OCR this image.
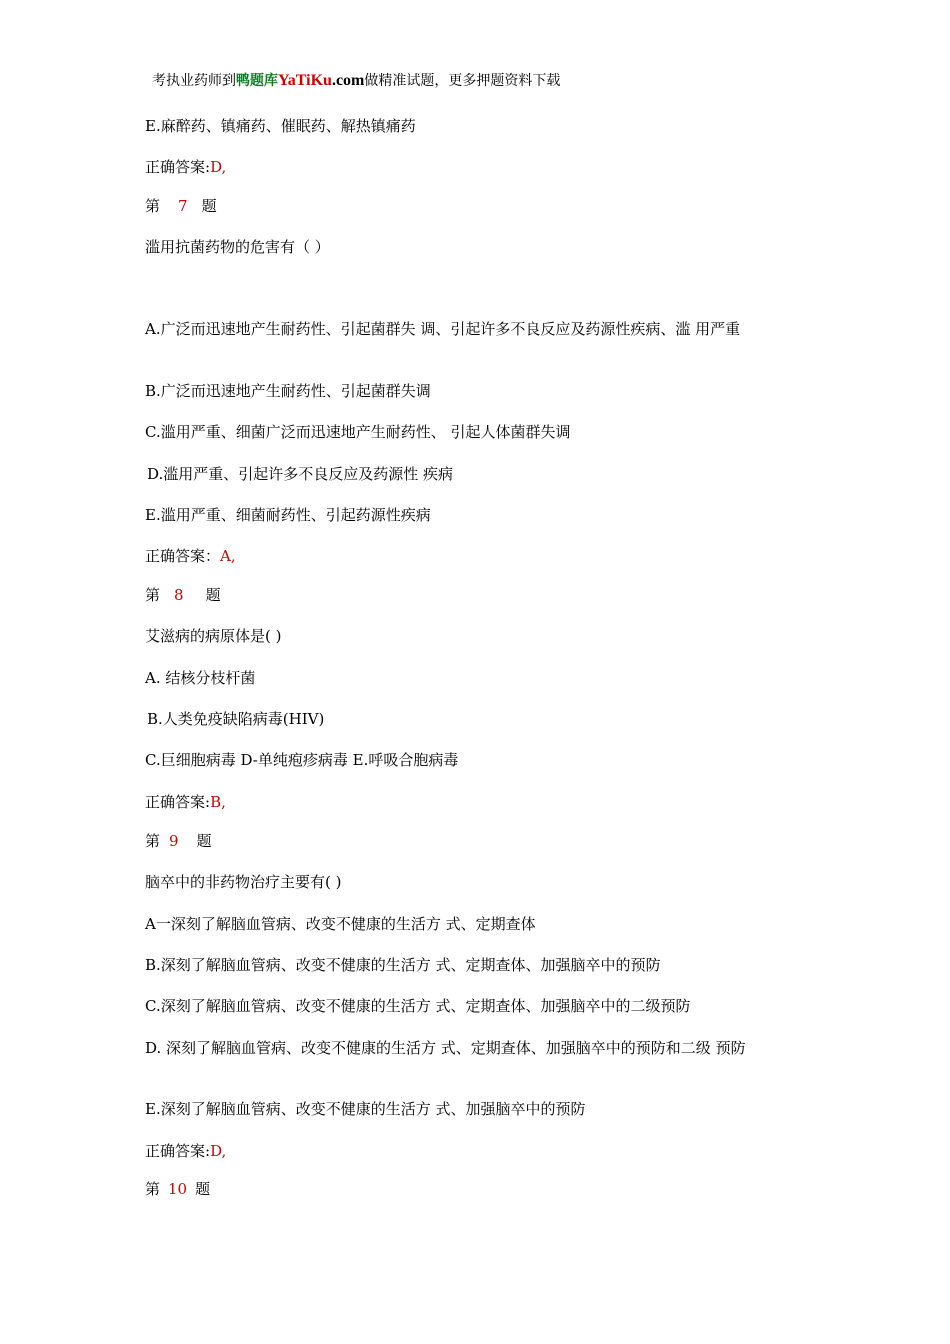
考执业药师到鸭题库YaTiKu.com做精准试题，更多押题资料下载
E.麻醉药、镇痛药、催眠药、解热镇痛药
正确答案:D,
第 7 题
滥用抗菌药物的危害有（ ）
A.广泛而迅速地产生耐药性、引起菌群失 调、引起许多不良反应及药源性疾病、滥 用严重
B.广泛而迅速地产生耐药性、引起菌群失调
C.滥用严重、细菌广泛而迅速地产生耐药性、 引起人体菌群失调
D.滥用严重、引起许多不良反应及药源性 疾病
E.滥用严重、细菌耐药性、引起药源性疾病
正确答案：A,
第 8 题
艾滋病的病原体是( )
A. 结核分枝杆菌
B.人类免疫缺陷病毒(HIV)
C.巨细胞病毒 D-单纯疱疹病毒 E.呼吸合胞病毒
正确答案:B,
第 9 题
脑卒中的非药物治疗主要有( )
A一深刻了解脑血管病、改变不健康的生活方 式、定期查体
B.深刻了解脑血管病、改变不健康的生活方 式、定期查体、加强脑卒中的预防
C.深刻了解脑血管病、改变不健康的生活方 式、定期查体、加强脑卒中的二级预防
D. 深刻了解脑血管病、改变不健康的生活方 式、定期查体、加强脑卒中的预防和二级 预防
E.深刻了解脑血管病、改变不健康的生活方 式、加强脑卒中的预防
正确答案:D,
第 10 题
